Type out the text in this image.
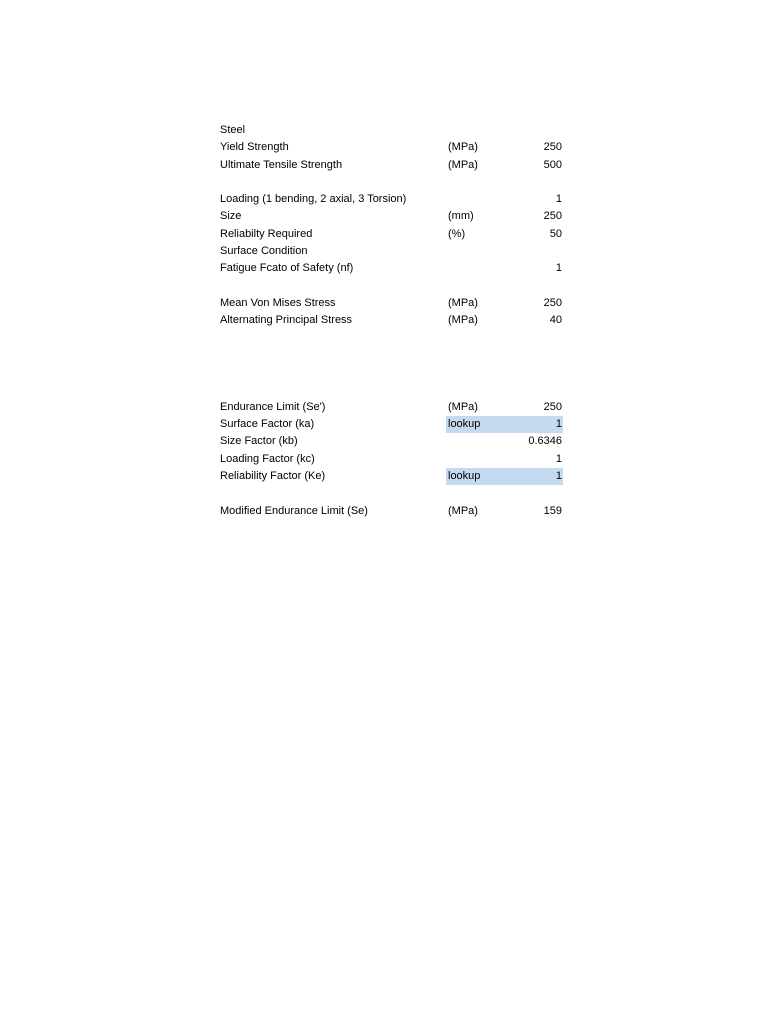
Steel
Yield Strength	(MPa)	250
Ultimate Tensile Strength	(MPa)	500
Loading (1 bending, 2 axial, 3 Torsion)	1
Size	(mm)	250
Reliabilty Required	(%)	50
Surface Condition
Fatigue Fcato of Safety (nf)	1
Mean Von Mises Stress	(MPa)	250
Alternating Principal Stress	(MPa)	40
Endurance Limit (Se')	(MPa)	250
Surface Factor (ka)	lookup	1
Size Factor (kb)	0.6346
Loading Factor (kc)	1
Reliability Factor (Ke)	lookup	1
Modified Endurance Limit (Se)	(MPa)	159
